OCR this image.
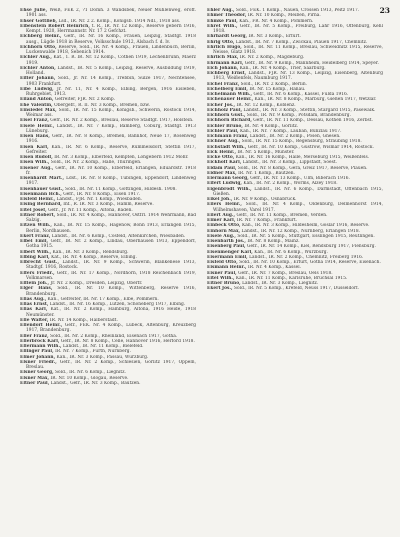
23
Ehse Julie, Weiß, FEK 2, ?1 Domh. 3 Wandsbek, Neuer Mühlenweg, eröff. 1901 ass.
Ehser Gottlieb, Lsd., IR. Nr. 2 2. Komp., Königsb. 1914 Ndl., 1918 ass.
Eibenstein Robert Heinrich, t. R., IR. Nr. 12 Komp., Reserve gebern 1916, Kempt. 1920, Herrmannstr. Nr. 17 2 Gefchzt.
Eichberg Heinr., Gefr., IR. Nr. 16 Komp., Frauen, Leipzig, Stadtgf. 1918 ausg., Lügde 1918 in Reserve, Volksschule 1912, Alsbach f. d. lv.
Eichhorn Otto, Reserve, Sold., IR. Nr. 4 Komp., Frauen, Lindenbuch, Berlin, Luckenwalde 1918, Sebenich 1914.
Eichler Aug., Kat., 1. R. IR. Nr. 12 Komp., Cöthen 1919, Lechenbrunn, Maerz 1919.
Eichler Anton, Landst., IR. Nr. 5 Komp., Leipzig, Reserve, Ausbildung 1919, Holland.
Eifler Johann, Sold., Jr. Nr. 14 Komp., Trebbin, Sülze 1917, Nechtensee, 1903 Frankfurt.
Eibe Ludwig, Jr. Nr. 11, Nr. 4 Komp., Elbing, Bergen, 1916 Eisleben, Ruhrgebiet, 1913.
Eiland Anton, Gefreiter, FJR. Nr. 2 Komp.
Ehe Valentin, Obergefr., R. II. Nr. 3 Komp., Bremen, bzw.
Einsiedel Max, Sold., IR. Nr. 15 Komp., Königsb., Schwerin, Rostock 1914, Weimar ass.
Eisel Franz, Gefr., IR. Nr. 2 Komp., Breslau, Reserve Stadtgf. 1917, Holstein.
Eisele Heinr., Landst., IR. Nr. 7 Komp., Bamberg, Coburg, Stadtgf. 1913 Lüneburg.
Eisen Hans, Gefr., IR. Nr. 8 Komp., Bremen, Bahnhof, Neue 17, Rosenweg 1916.
Eisen Karl, Kan., IR. Nr. 6 Komp., Reserve, Rummelsdorf, Stettin 1917, Gefreiter.
Eisen Rudolf, IR. Nr. 3 Komp., Elberfeld, Kempten, Lohgebern 1912 Mohr.
Eisen Wilh., Sold., IR. Nr. 2 Komp., Halle, Thüringen.
Eisener Aug., Gefr., IR. Nr. 10 Komp., Elberfeld, Erlangen, Eduardstr. 1918 fr.
Eisenhardt Mart., Ldst., IR. Nr. 8 Komp., Tübingen, Eppendorf, Lindenweg 1917.
Eisenhauer Gust., Sold., IR. Nr. 11 Komp., Göttingen, Hildesh. 1908.
Eisenmann Hch., Gefr., IR. Nr. 8 Komp., Eisen 1917.
Eisfeld Heinr., Landst., FJR. Nr. 1 Komp., Wiesbaden.
Eising Bernhard, Inf., R. IR. Nr. 3 Komp., Hamm, Reserve.
Eitel Josef, Gefr., Jr. Nr. 11 Komp., Altona, Baden.
Eitner Robert, Sold., IR. Nr. 4 Komp., Hannover, Ostfrl. 1914 Wehrmann, Bad Salzig.
Eitzen Wilh., Kan., IR. Nr. 15 Komp., Hagenow, Bonn 1913, Erlangen 1915, Berlin, Nordhausen.
Ekert Franz, Landst., IR. Nr. 6 Komp., Cösfeld, Altenkirchen, Wiesbaden.
Elbel Emil, Gefr., IR. Nr. 2 Komp., Lindau, Oberhausen 1913, Eppendorf, Gotha 1915.
Elbert Wilh., Kan., IR. Nr. 3 Komp., Rendsburg.
Elbing Karl, Kat., IR. Nr. 4 Komp., Reserve, Elbing.
Elbrecht Gust., Landst., IR. Nr. 9 Komp., Schwerin, Blankenese 1913, Stadtgf. 1916, Rostock.
Elfers Friedr., Gefr., IR. Nr. 17 Komp., Nordhorn, 1918 Reichenbach 1919, Volkmarsen.
Elflein Joh., Jr. Nr. 2 Komp., Dresden, Leipzig, Oberfr.
Elger Hans, Sold., IR. Nr. 10 Komp., Wittenberg, Reserve 1916, Brandenburg.
Elias Aug., Kan., Gefreiter, IR. Nr. 17 Komp., Elbe, Pommern.
Elias Ernst, Landst., IR. Nr. 16 Komp., Lützen, Schöneberg 1917, Elbing.
Elias Karl, Kat., IR. Nr. 2 Komp., Hamburg, Altona, 1916 Heide, 1918 Neumünster.
Elle Walter, IR. Nr. 14 Komp., Halberstadt.
Ellendorf Heinr., Gefr., FEK. Nr. 4 Komp., Lübeck, Altenburg, Kreuzberg 1917, Brandenburg.
Eller Franz, Sold., IR. Nr. 2 Komp., Rheinland, Eisenach 1917, Gotha.
Ellerbrock Karl, Gefr., IR. Nr. 8 Komp., Celle, Hannover 1916, Herford 1918.
Ellermann Wilh., Landst., IR. Nr. 11 Komp., Bielefeld.
Ellinger Paul, IR. Nr. 7 Komp., Fürth, Nürnberg.
Elmer Johann, Kan., IR. Nr. 3 Komp., Passau, Würzburg.
Elsner Friedr., Gefr., IR. Nr. 2 Komp., Schlesien, Görlitz 1917, Oppeln, Breslau.
Elsner Georg, Sold., IR. Nr. 6 Komp., Liegnitz.
Elsner Max, IR. Nr. 10 Komp., Glogau, Reserve.
Eltner Paul, Landst., Gefr., IR. Nr. 3 Komp., Bautzen.
Ehler Aug., Sold., FEK. 1 Komp., Nauen, Crossen 1913, Peitz 1917.
Ehmer Theodor, IR. Nr. 10 Komp., Meißen, Pirna.
Ehmke Paul, Kan., FR. Nr. 4 Komp., Pommern.
Ehret Wilh., Gefr., IR. Nr. 5 Komp., Freiburg, Lahr 1916, Offenburg, Kehl 1918.
Ehrhardt Georg, IR. Nr. 3 Komp., Erfurt.
Ehrig Otto, Landst., IR. Nr. 7 Komp., Zwickau, Plauen 1917, Chemnitz.
Ehrlich Hugo, Sold., IR. Nr. 11 Komp., Breslau, Schweidnitz 1915, Reserve, Neisse, Glatz 1918.
Ehrlich Max, IR. Nr. 2 Komp., Magdeburg.
Ehrmann Karl, Gefr., IR. Nr. 9 Komp., Mannheim, Heidelberg 1914, Speyer.
Eich Johann, Kan., IR. Nr. 4 Komp., Trier, Saarburg.
Eichberg Ernst, Landst., FJR. Nr. 13 Komp., Leipzig, Eisenberg, Altenburg 1913, Weißenfels, Naumburg 1917.
Eichel Franz, Sold., IR. Nr. 2 Komp., Berlin.
Eichelberg Emil, IR. Nr. 15 Komp., Hanau.
Eichelmann Wilh., Gefr., IR. Nr. 6 Komp., Kassel, Fulda 1916.
Eichenauer Heinr., Kan., IR. Nr. 8 Komp., Marburg, Gießen 1917, Wetzlar.
Eicher Jos., IR. Nr. 12 Komp., Koblenz.
Eichholz Paul, Landst., IR. Nr. 3 Komp., Stettin, Stargard 1915, Pasewalk.
Eichhorn Gust., Sold., IR. Nr. 9 Komp., Potsdam, Brandenburg.
Eichhorn Richard, Gefr., IR. Nr. 11 Komp., Dessau, Köthen 1916, Zerbst.
Eichler Bruno, IR. Nr. 4 Komp., Görlitz.
Eichler Paul, Kan., IR. Nr. 7 Komp., Lauban, Bunzlau 1917.
Eichmann Franz, Landst., IR. Nr. 2 Komp., Posen, Gnesen.
Eichner Aug., Sold., IR. Nr. 15 Komp., Regensburg, Straubing 1918.
Eichstädt Wilh., Gefr., IR. Nr. 10 Komp., Güstrow, Wismar 1914, Rostock.
Eick Heinr., IR. Nr. 5 Komp., Münster.
Eicke Otto, Kan., IR. Nr. 16 Komp., Halle, Merseburg 1915, Weißenfels.
Eickhoff Karl, Landst., IR. Nr. 3 Komp., Lippstadt, Soest.
Eidam Paul, Sold., IR. Nr. 8 Komp., Gera, Greiz 1917, Reserve, Plauen.
Eidner Max, IR. Nr. 1 Komp., Bautzen.
Eiermann Georg, Gefr., IR. Nr. 13 Komp., Ulm, Biberach 1916.
Eifert Ludwig, Kan., IR. Nr. 2 Komp., Worms, Alzey 1918.
Eigenbrodt Wilh., Landst., IR. Nr. 6 Komp., Darmstadt, Offenbach 1915, Gießen.
Eikel Joh., IR. Nr. 9 Komp., Osnabrück.
Eilers Heinr., Sold., IR. Nr. 4 Komp., Oldenburg, Delmenhorst 1914, Wilhelmshaven, Varel 1917.
Eilert Aug., Gefr., IR. Nr. 11 Komp., Bremen, Verden.
Eimer Karl, IR. Nr. 7 Komp., Frankfurt.
Einbeck Otto, Kan., IR. Nr. 3 Komp., Hildesheim, Goslar 1916, Reserve.
Einhorn Max, Landst., IR. Nr. 12 Komp., Nürnberg, Erlangen 1918.
Eisele Aug., Sold., IR. Nr. 5 Komp., Stuttgart, Esslingen 1915, Reutlingen.
Eisenbarth Jos., IR. Nr. 8 Komp., Mainz.
Eisenberg Paul, Gefr., IR. Nr. 14 Komp., Kiel, Rendsburg 1917, Flensburg.
Eisenmenger Karl, Kan., IR. Nr. 6 Komp., Würzburg.
Eisermann Emil, Landst., IR. Nr. 2 Komp., Chemnitz, Freiberg 1916.
Eisfeld Otto, Sold., IR. Nr. 10 Komp., Erfurt, Gotha 1914, Reserve, Eisenach.
Eismann Heinr., IR. Nr. 4 Komp., Kassel.
Eisner Paul, Gefr., IR. Nr. 7 Komp., Breslau, Oels 1918.
Eitel Wilh., Kan., IR. Nr. 11 Komp., Karlsruhe, Bruchsal 1915.
Eitner Bruno, Landst., IR. Nr. 3 Komp., Liegnitz.
Ekert Jos., Sold., IR. Nr. 5 Komp., Krefeld, Neuss 1917, Düsseldorf.
